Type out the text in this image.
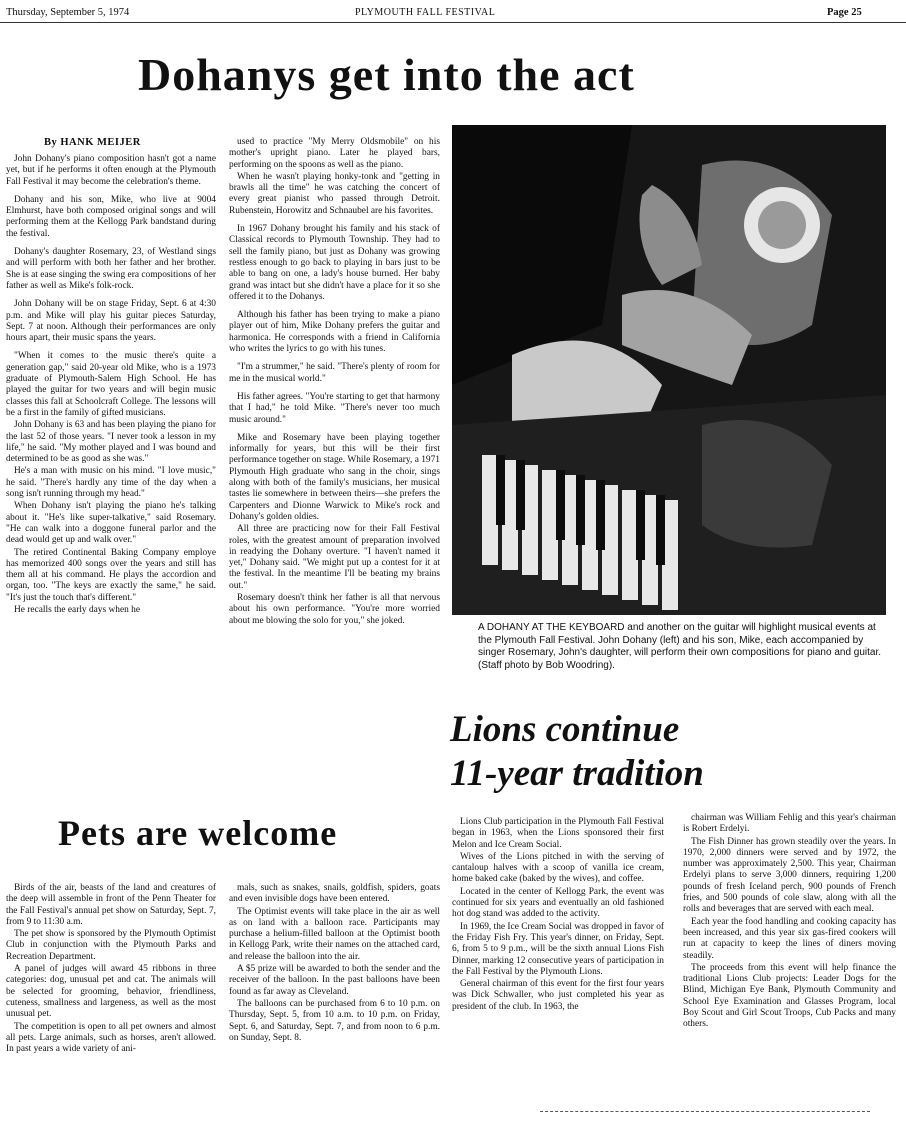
Thursday, September 5, 1974	PLYMOUTH FALL FESTIVAL	Page 25
Dohanys get into the act
By HANK MEIJER

John Dohany's piano composition hasn't got a name yet, but if he performs it often enough at the Plymouth Fall Festival it may become the celebration's theme.

Dohany and his son, Mike, who live at 9004 Elmhurst, have both composed original songs and will performing them at the Kellogg Park bandstand during the festival.

Dohany's daughter Rosemary, 23, of Westland sings and will perform with both her father and her brother. She is at ease singing the swing era compositions of her father as well as Mike's folk-rock.

John Dohany will be on stage Friday, Sept. 6 at 4:30 p.m. and Mike will play his guitar pieces Saturday, Sept. 7 at noon. Although their performances are only hours apart, their music spans the years.

"When it comes to the music there's quite a generation gap," said 20-year old Mike, who is a 1973 graduate of Plymouth-Salem High School. He has played the guitar for two years and will begin music classes this fall at Schoolcraft College. The lessons will be a first in the family of gifted musicians.

John Dohany is 63 and has been playing the piano for the last 52 of those years. "I never took a lesson in my life," he said. "My mother played and I was bound and determined to be as good as she was."

He's a man with music on his mind. "I love music," he said. "There's hardly any time of the day when a song isn't running through my head."

When Dohany isn't playing the piano he's talking about it. "He's like super-talkative," said Rosemary. "He can walk into a doggone funeral parlor and the dead would get up and walk over."

The retired Continental Baking Company employe has memorized 400 songs over the years and still has them all at his command. He plays the accordion and organ, too. "The keys are exactly the same," he said. "It's just the touch that's different."

He recalls the early days when he

used to practice "My Merry Oldsmobile" on his mother's upright piano. Later he played bars, performing on the spoons as well as the piano.

When he wasn't playing honky-tonk and "getting in brawls all the time" he was catching the concert of every great pianist who passed through Detroit. Rubenstein, Horowitz and Schnaubel are his favorites.

In 1967 Dohany brought his family and his stack of Classical records to Plymouth Township. They had to sell the family piano, but just as Dohany was growing restless enough to go back to playing in bars just to be able to bang on one, a lady's house burned. Her baby grand was intact but she didn't have a place for it so she offered it to the Dohanys.

Although his father has been trying to make a piano player out of him, Mike Dohany prefers the guitar and harmonica. He corresponds with a friend in California who writes the lyrics to go with his tunes.

"I'm a strummer," he said. "There's plenty of room for me in the musical world."

His father agrees. "You're starting to get that harmony that I had," he told Mike. "There's never too much music around."

Mike and Rosemary have been playing together informally for years, but this will be their first performance together on stage. While Rosemary, a 1971 Plymouth High graduate who sang in the choir, sings along with both of the family's musicians, her musical tastes lie somewhere in between theirs—she prefers the Carpenters and Dionne Warwick to Mike's rock and Dohany's golden oldies.

All three are practicing now for their Fall Festival roles, with the greatest amount of preparation involved in readying the Dohany overture. "I haven't named it yet," Dohany said. "We might put up a contest for it at the festival. In the meantime I'll be beating my brains out."

Rosemary doesn't think her father is all that nervous about his own performance. "You're more worried about me blowing the solo for you," she joked.

A DOHANY AT THE KEYBOARD and another on the guitar will highlight musical events at the Plymouth Fall Festival. John Dohany (left) and his son, Mike, each accompanied by singer Rosemary, John's daughter, will perform their own compositions for piano and guitar. (Staff photo by Bob Woodring).
Lions continue
11-year tradition

Lions Club participation in the Plymouth Fall Festival began in 1963, when the Lions sponsored their first Melon and Ice Cream Social.

Wives of the Lions pitched in with the serving of cantaloup halves with a scoop of vanilla ice cream, home baked cake (baked by the wives), and coffee.

Located in the center of Kellogg Park, the event was continued for six years and eventually an old fashioned hot dog stand was added to the activity.

In 1969, the Ice Cream Social was dropped in favor of the Friday Fish Fry. This year's dinner, on Friday, Sept. 6, from 5 to 9 p.m., will be the sixth annual Lions Fish Dinner, marking 12 consecutive years of participation in the Fall Festival by the Plymouth Lions.

General chairman of this event for the first four years was Dick Schwaller, who just completed his year as president of the club. In 1963, the

chairman was William Fehlig and this year's chairman is Robert Erdelyi.

The Fish Dinner has grown steadily over the years. In 1970, 2,000 dinners were served and by 1972, the number was approximately 2,500. This year, Chairman Erdelyi plans to serve 3,000 dinners, requiring 1,200 pounds of fresh Iceland perch, 900 pounds of French fries, and 500 pounds of cole slaw, along with all the rolls and beverages that are served with each meal.

Each year the food handling and cooking capacity has been increased, and this year six gas-fired cookers will run at capacity to keep the lines of diners moving steadily.

The proceeds from this event will help finance the traditional Lions Club projects: Leader Dogs for the Blind, Michigan Eye Bank, Plymouth Community and School Eye Examination and Glasses Program, local Boy Scout and Girl Scout Troops, Cub Packs and many others.

Pets are welcome

Birds of the air, beasts of the land and creatures of the deep will assemble in front of the Penn Theater for the Fall Festival's annual pet show on Saturday, Sept. 7, from 9 to 11:30 a.m.

The pet show is sponsored by the Plymouth Optimist Club in conjunction with the Plymouth Parks and Recreation Department.

A panel of judges will award 45 ribbons in three categories: dog, unusual pet and cat. The animals will be selected for grooming, behavior, friendliness, cuteness, smallness and largeness, as well as the most unusual pet.

The competition is open to all pet owners and almost all pets. Large animals, such as horses, aren't allowed. In past years a wide variety of ani-

mals, such as snakes, snails, goldfish, spiders, goats and even invisible dogs have been entered.

The Optimist events will take place in the air as well as on land with a balloon race. Participants may purchase a helium-filled balloon at the Optimist booth in Kellogg Park, write their names on the attached card, and release the balloon into the air.

A $5 prize will be awarded to both the sender and the receiver of the balloon. In the past balloons have been found as far away as Cleveland.

The balloons can be purchased from 6 to 10 p.m. on Thursday, Sept. 5, from 10 a.m. to 10 p.m. on Friday, Sept. 6, and Saturday, Sept. 7, and from noon to 6 p.m. on Sunday, Sept. 8.
